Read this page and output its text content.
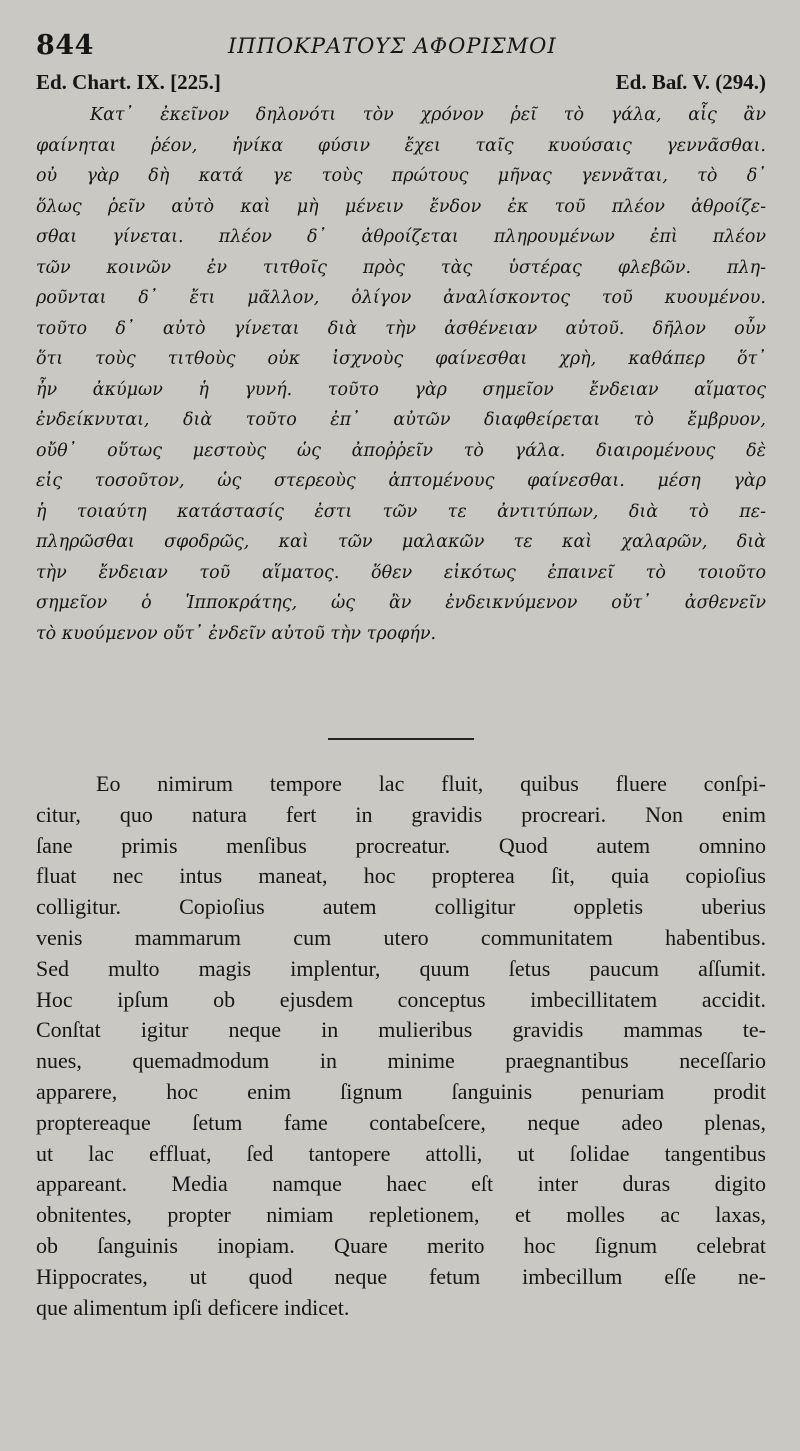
844	ΙΠΠΟΚΡΑΤΟΥΣ ΑΦΟΡΙΣΜΟΙ
Ed. Chart. IX. [225.]	Ed. Baſ. V. (294.)
Κατ᾽ ἐκεῖνον δηλονότι τὸν χρόνον ῥεῖ τὸ γάλα, αἷς ἂν
φαίνηται ῥέον, ἡνίκα φύσιν ἔχει ταῖς κυούσαις γεννᾶσθαι.
οὐ γὰρ δὴ κατά γε τοὺς πρώτους μῆνας γεννᾶται, τὸ δ᾽
ὅλως ῥεῖν αὐτὸ καὶ μὴ μένειν ἔνδον ἐκ τοῦ πλέον ἀθροίζε-
σθαι γίνεται. πλέον δ᾽ ἀθροίζεται πληρουμένων ἐπὶ πλέον
τῶν κοινῶν ἐν τιτθοῖς πρὸς τὰς ὑστέρας φλεβῶν. πλη-
ροῦνται δ᾽ ἔτι μᾶλλον, ὀλίγον ἀναλίσκοντος τοῦ κυουμένου.
τοῦτο δ᾽ αὐτὸ γίνεται διὰ τὴν ἀσθένειαν αὐτοῦ. δῆλον οὖν
ὅτι τοὺς τιτθοὺς οὐκ ἰσχνοὺς φαίνεσθαι χρὴ, καθάπερ ὅτ᾽
ἦν ἀκύμων ἡ γυνή. τοῦτο γὰρ σημεῖον ἔνδειαν αἵματος
ἐνδείκνυται, διὰ τοῦτο ἐπ᾽ αὐτῶν διαφθείρεται τὸ ἔμβρυον,
οὔθ᾽ οὕτως μεστοὺς ὡς ἀποῤῥεῖν τὸ γάλα. διαιρομένους δὲ
εἰς τοσοῦτον, ὡς στερεοὺς ἁπτομένους φαίνεσθαι. μέση γὰρ
ἡ τοιαύτη κατάστασίς ἐστι τῶν τε ἀντιτύπων, διὰ τὸ πε-
πληρῶσθαι σφοδρῶς, καὶ τῶν μαλακῶν τε καὶ χαλαρῶν, διὰ
τὴν ἔνδειαν τοῦ αἵματος. ὅθεν εἰκότως ἐπαινεῖ τὸ τοιοῦτο
σημεῖον ὁ Ἱπποκράτης, ὡς ἂν ἐνδεικνύμενον οὔτ᾽ ἀσθενεῖν
τὸ κυούμενον οὔτ᾽ ἐνδεῖν αὐτοῦ τὴν τροφήν.
Eo nimirum tempore lac fluit, quibus fluere conſpi-
citur, quo natura fert in gravidis procreari. Non enim
ſane primis menſibus procreatur. Quod autem omnino
fluat nec intus maneat, hoc propterea ſit, quia copioſius
colligitur. Copioſius autem colligitur oppletis uberius
venis mammarum cum utero communitatem habentibus.
Sed multo magis implentur, quum ſetus paucum aſſumit.
Hoc ipſum ob ejusdem conceptus imbecillitatem accidit.
Conſtat igitur neque in mulieribus gravidis mammas te-
nues, quemadmodum in minime praegnantibus neceſſario
apparere, hoc enim ſignum ſanguinis penuriam prodit
proptereaque ſetum fame contabeſcere, neque adeo plenas,
ut lac effluat, ſed tantopere attolli, ut ſolidae tangentibus
appareant. Media namque haec eſt inter duras digito
obnitentes, propter nimiam repletionem, et molles ac laxas,
ob ſanguinis inopiam. Quare merito hoc ſignum celebrat
Hippocrates, ut quod neque fetum imbecillum eſſe ne-
que alimentum ipſi deficere indicet.
